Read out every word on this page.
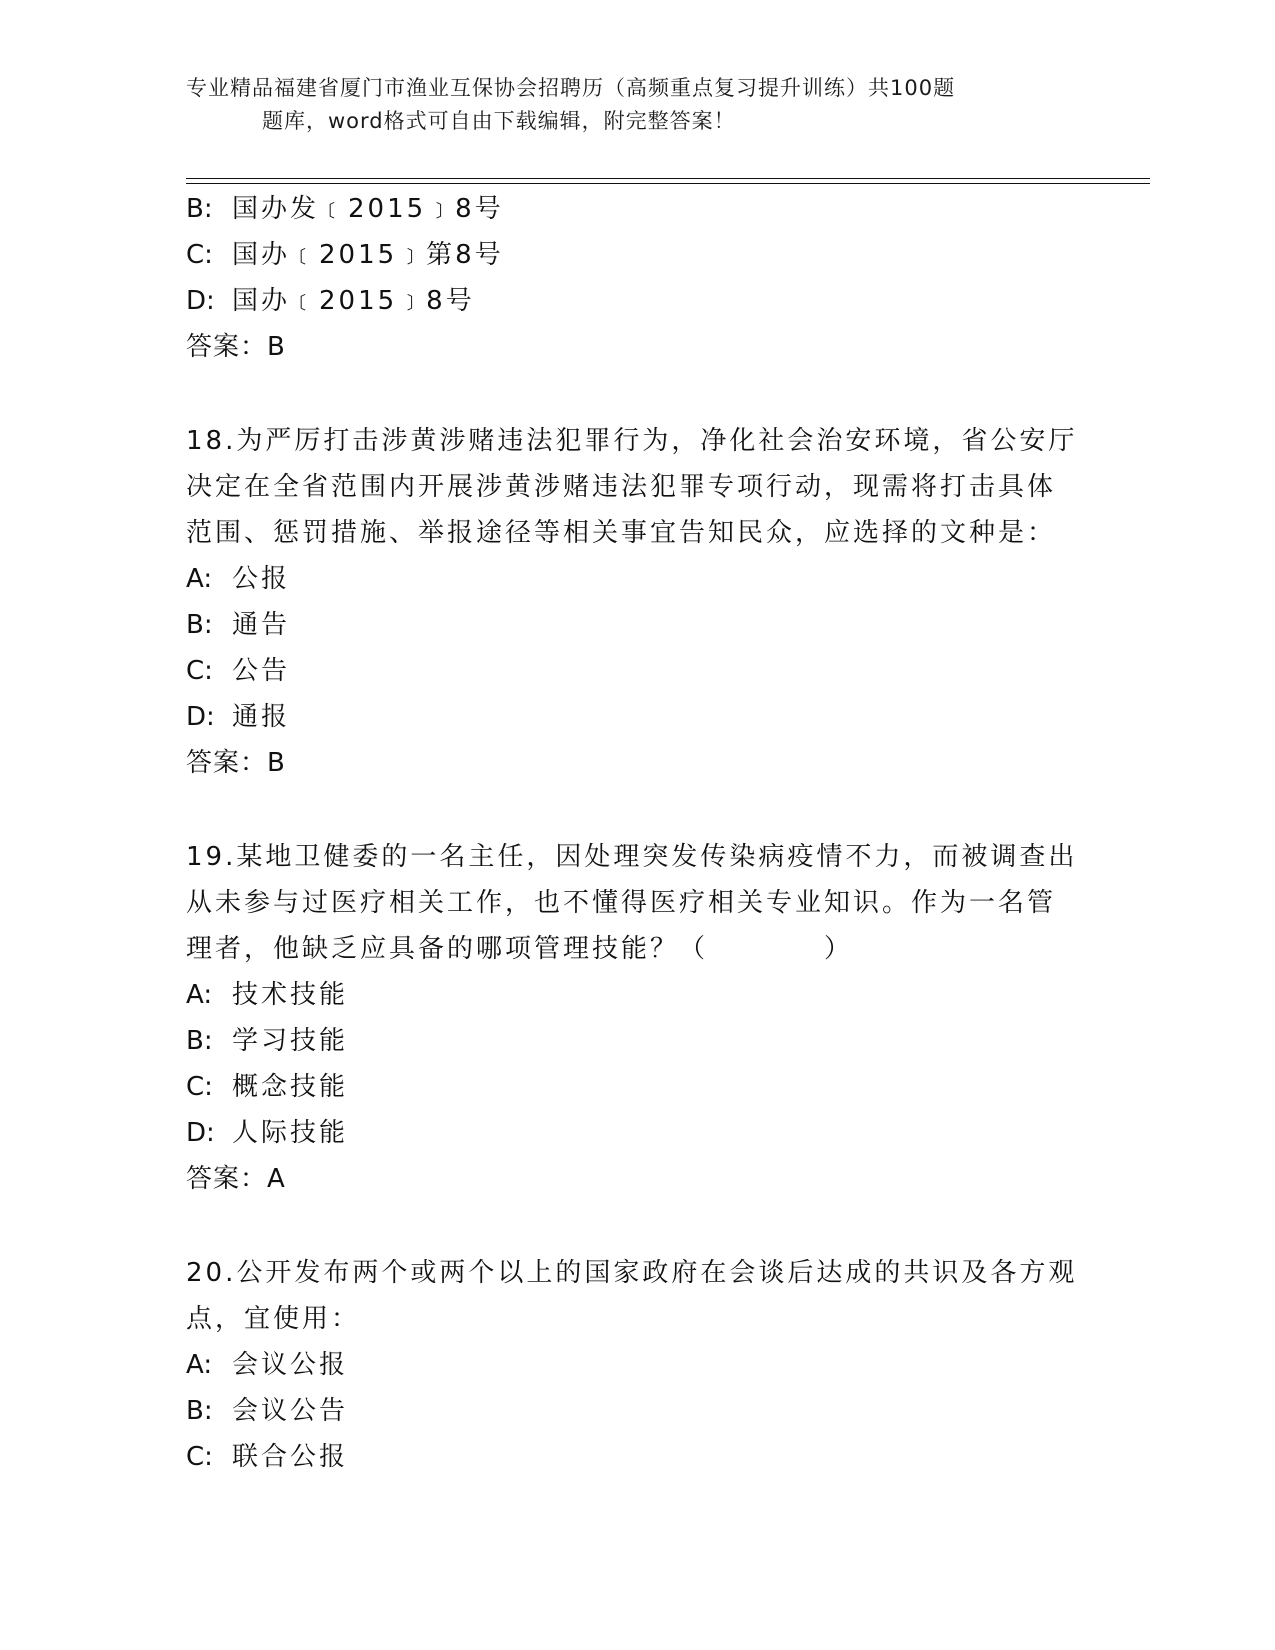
专业精品福建省厦门市渔业互保协会招聘历（高频重点复习提升训练）共100题
题库，word格式可自由下载编辑，附完整答案！
B: 国办发﹝2015﹞8号
C: 国办﹝2015﹞第8号
D: 国办﹝2015﹞8号
答案：B
18.为严厉打击涉黄涉赌违法犯罪行为，净化社会治安环境，省公安厅
决定在全省范围内开展涉黄涉赌违法犯罪专项行动，现需将打击具体
范围、惩罚措施、举报途径等相关事宜告知民众，应选择的文种是：
A: 公报
B: 通告
C: 公告
D: 通报
答案：B
19.某地卫健委的一名主任，因处理突发传染病疫情不力，而被调查出
从未参与过医疗相关工作，也不懂得医疗相关专业知识。作为一名管
理者，他缺乏应具备的哪项管理技能？（　　　　）
A: 技术技能
B: 学习技能
C: 概念技能
D: 人际技能
答案：A
20.公开发布两个或两个以上的国家政府在会谈后达成的共识及各方观
点，宜使用：
A: 会议公报
B: 会议公告
C: 联合公报
